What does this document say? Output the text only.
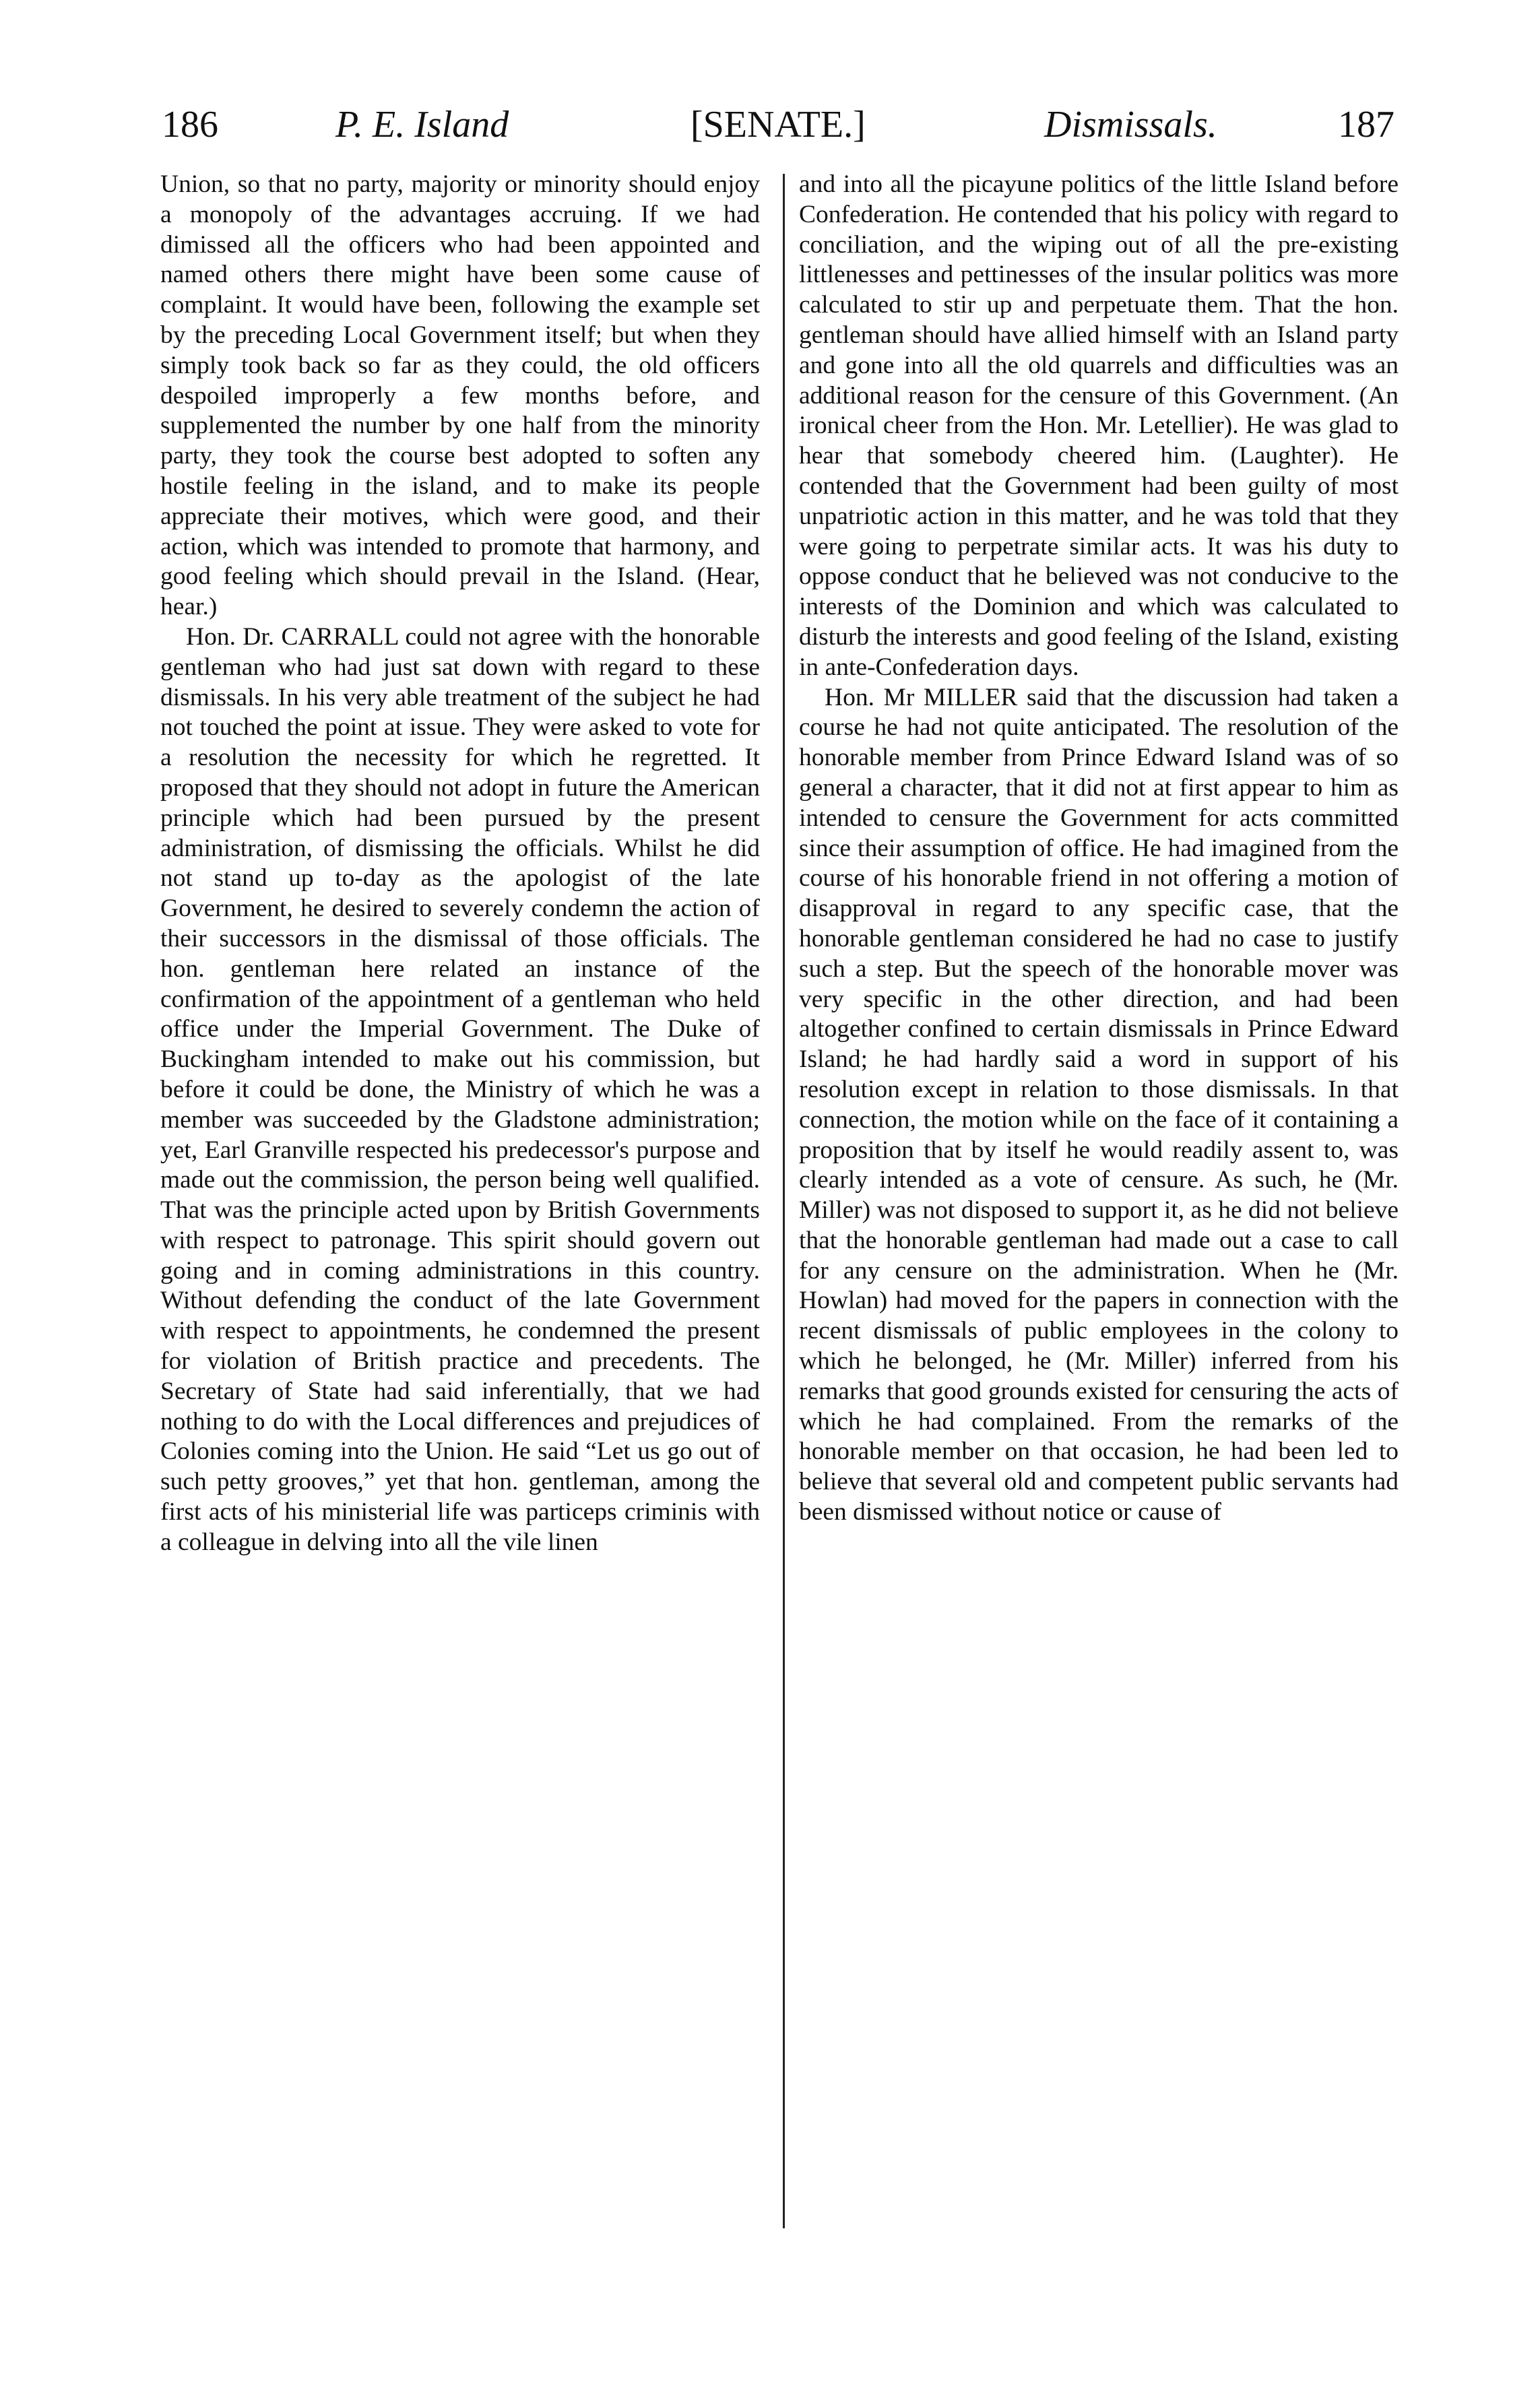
186	P. E. Island	[SENATE.]	Dismissals.	187

Union, so that no party, majority or minority should enjoy a monopoly of the advantages accruing. If we had dimissed all the officers who had been appointed and named others there might have been some cause of complaint. It would have been, following the example set by the preceding Local Government itself; but when they simply took back so far as they could, the old officers despoiled improperly a few months before, and supplemented the number by one half from the minority party, they took the course best adopted to soften any hostile feeling in the island, and to make its people appreciate their motives, which were good, and their action, which was intended to promote that harmony, and good feeling which should prevail in the Island. (Hear, hear.)

Hon. Dr. CARRALL could not agree with the honorable gentleman who had just sat down with regard to these dismissals. In his very able treatment of the subject he had not touched the point at issue. They were asked to vote for a resolution the necessity for which he regretted. It proposed that they should not adopt in future the American principle which had been pursued by the present administration, of dismissing the officials. Whilst he did not stand up to-day as the apologist of the late Government, he desired to severely condemn the action of their successors in the dismissal of those officials. The hon. gentleman here related an instance of the confirmation of the appointment of a gentleman who held office under the Imperial Government. The Duke of Buckingham intended to make out his commission, but before it could be done, the Ministry of which he was a member was succeeded by the Gladstone administration; yet, Earl Granville respected his predecessor's purpose and made out the commission, the person being well qualified. That was the principle acted upon by British Governments with respect to patronage. This spirit should govern out going and in coming administrations in this country. Without defending the conduct of the late Government with respect to appointments, he condemned the present for violation of British practice and precedents. The Secretary of State had said inferentially, that we had nothing to do with the Local differences and prejudices of Colonies coming into the Union. He said “Let us go out of such petty grooves,” yet that hon. gentleman, among the first acts of his ministerial life was particeps criminis with a colleague in delving into all the vile linen

and into all the picayune politics of the little Island before Confederation. He contended that his policy with regard to conciliation, and the wiping out of all the pre-existing littlenesses and pettinesses of the insular politics was more calculated to stir up and perpetuate them. That the hon. gentleman should have allied himself with an Island party and gone into all the old quarrels and difficulties was an additional reason for the censure of this Government. (An ironical cheer from the Hon. Mr. Letellier). He was glad to hear that somebody cheered him. (Laughter). He contended that the Government had been guilty of most unpatriotic action in this matter, and he was told that they were going to perpetrate similar acts. It was his duty to oppose conduct that he believed was not conducive to the interests of the Dominion and which was calculated to disturb the interests and good feeling of the Island, existing in ante-Confederation days.

Hon. Mr MILLER said that the discussion had taken a course he had not quite anticipated. The resolution of the honorable member from Prince Edward Island was of so general a character, that it did not at first appear to him as intended to censure the Government for acts committed since their assumption of office. He had imagined from the course of his honorable friend in not offering a motion of disapproval in regard to any specific case, that the honorable gentleman considered he had no case to justify such a step. But the speech of the honorable mover was very specific in the other direction, and had been altogether confined to certain dismissals in Prince Edward Island; he had hardly said a word in support of his resolution except in relation to those dismissals. In that connection, the motion while on the face of it containing a proposition that by itself he would readily assent to, was clearly intended as a vote of censure. As such, he (Mr. Miller) was not disposed to support it, as he did not believe that the honorable gentleman had made out a case to call for any censure on the administration. When he (Mr. Howlan) had moved for the papers in connection with the recent dismissals of public employees in the colony to which he belonged, he (Mr. Miller) inferred from his remarks that good grounds existed for censuring the acts of which he had complained. From the remarks of the honorable member on that occasion, he had been led to believe that several old and competent public servants had been dismissed without notice or cause of
